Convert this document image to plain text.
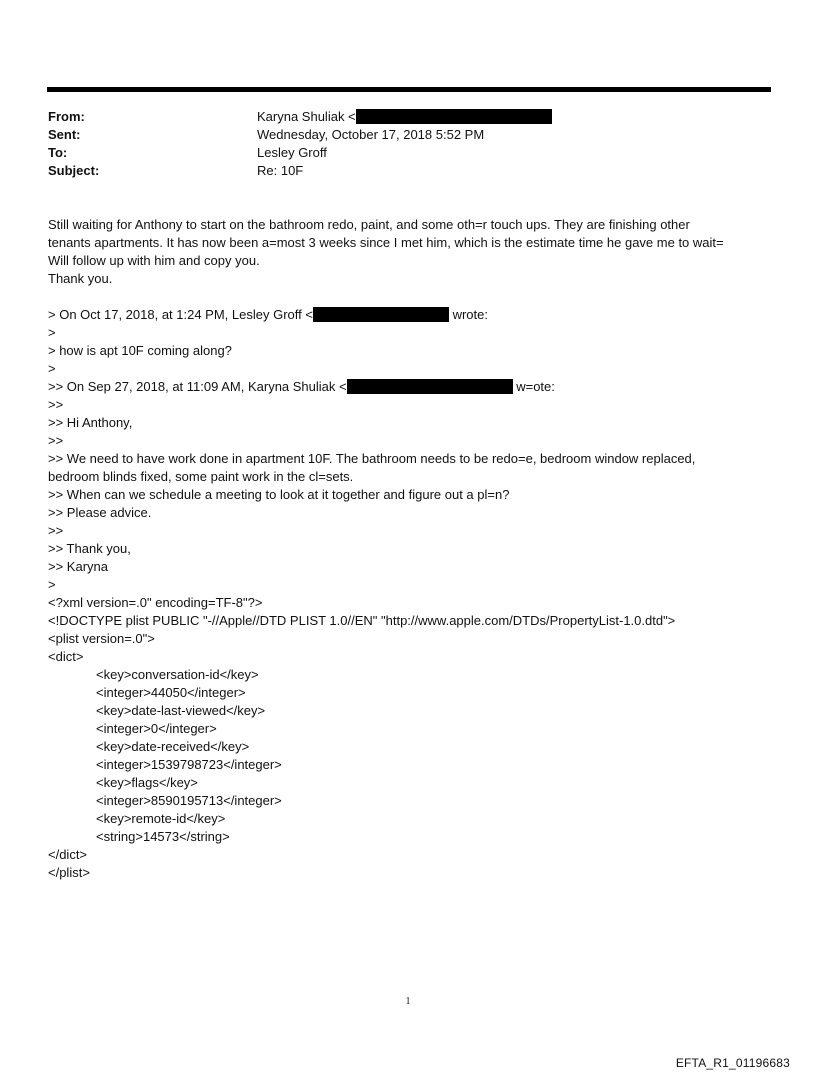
From:	Karyna Shuliak <
Sent:	Wednesday, October 17, 2018 5:52 PM
To:	Lesley Groff
Subject:	Re: 10F
Still waiting for Anthony to start on the bathroom redo, paint, and some oth=r touch ups. They are finishing other
tenants apartments. It has now been a=most 3 weeks since I met him, which is the estimate time he gave me to wait=
Will follow up with him and copy you.
Thank you.
> On Oct 17, 2018, at 1:24 PM, Lesley Groff <	wrote:
>
> how is apt 10F coming along?
>
>> On Sep 27, 2018, at 11:09 AM, Karyna Shuliak <	w=ote:
>>
>> Hi Anthony,
>>
>> We need to have work done in apartment 10F. The bathroom needs to be redo=e, bedroom window replaced,
bedroom blinds fixed, some paint work in the cl=sets.
>> When can we schedule a meeting to look at it together and figure out a pl=n?
>> Please advice.
>>
>> Thank you,
>> Karyna
>
<?xml version=.0" encoding=TF-8"?>
<!DOCTYPE plist PUBLIC "-//Apple//DTD PLIST 1.0//EN" "http://www.apple.com/DTDs/PropertyList-1.0.dtd">
<plist version=.0">
<dict>
<key>conversation-id</key>
<integer>44050</integer>
<key>date-last-viewed</key>
<integer>0</integer>
<key>date-received</key>
<integer>1539798723</integer>
<key>flags</key>
<integer>8590195713</integer>
<key>remote-id</key>
<string>14573</string>
</dict>
</plist>
1
EFTA_R1_01196683
